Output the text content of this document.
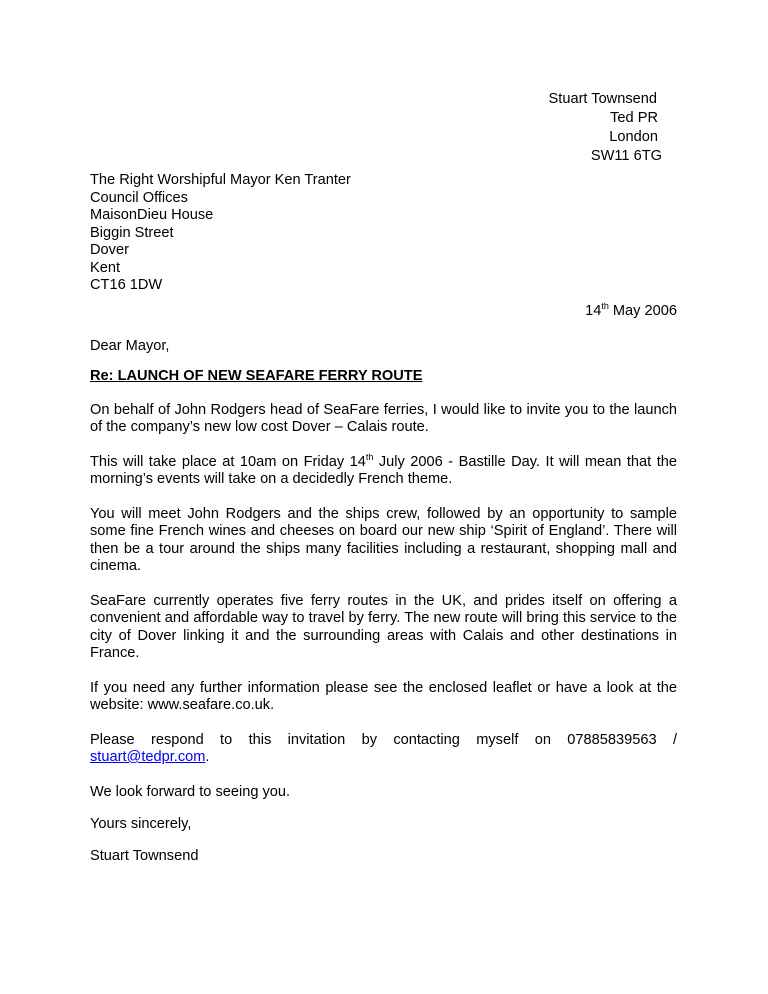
Stuart Townsend
Ted PR
London
SW11 6TG
The Right Worshipful Mayor Ken Tranter
Council Offices
MaisonDieu House
Biggin Street
Dover
Kent
CT16 1DW
14th May 2006
Dear Mayor,
Re: LAUNCH OF NEW SEAFARE FERRY ROUTE
On behalf of John Rodgers head of SeaFare ferries, I would like to invite you to the launch of the company’s new low cost Dover – Calais route.
This will take place at 10am on Friday 14th July 2006 - Bastille Day. It will mean that the morning’s events will take on a decidedly French theme.
You will meet John Rodgers and the ships crew, followed by an opportunity to sample some fine French wines and cheeses on board our new ship ‘Spirit of England’. There will then be a tour around the ships many facilities including a restaurant, shopping mall and cinema.
SeaFare currently operates five ferry routes in the UK, and prides itself on offering a convenient and affordable way to travel by ferry. The new route will bring this service to the city of Dover linking it and the surrounding areas with Calais and other destinations in France.
If you need any further information please see the enclosed leaflet or have a look at the website: www.seafare.co.uk.
Please respond to this invitation by contacting myself on 07885839563 /
stuart@tedpr.com.
We look forward to seeing you.
Yours sincerely,
Stuart Townsend
